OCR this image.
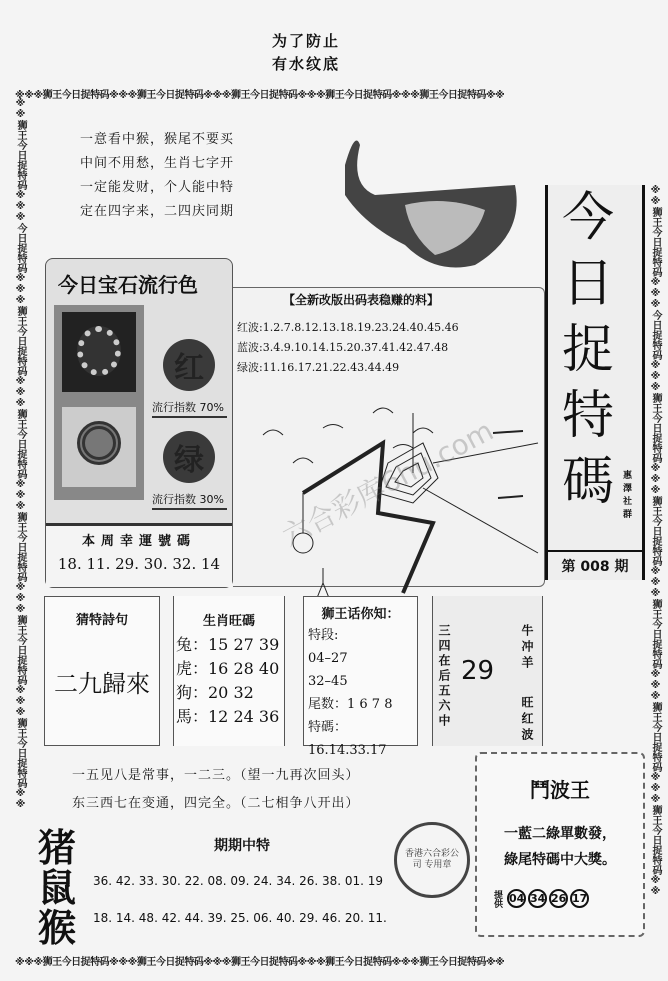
为了防止
有水纹底
※※※狮王今日捉特码※※※狮王今日捉特码※※※狮王今日捉特码※※※狮王今日捉特码※※※狮王今日捉特码※※
※※狮王今日捉特码※※※今日捉特码※※※狮王今日捉特码※※※狮王今日捉特码※※※狮王今日捉特码※※※狮王今日捉特码※※※狮王今日捉特码※※	※※狮王今日捉特码※※※今日捉特码※※※狮王今日捉特码※※※狮王今日捉特码※※※狮王今日捉特码※※※狮王今日捉特码※※※狮王今日捉特码※※
※※※狮王今日捉特码※※※狮王今日捉特码※※※狮王今日捉特码※※※狮王今日捉特码※※※狮王今日捉特码※※
一意看中猴，猴尾不要买
中间不用愁，生肖七字开
一定能发财，个人能中特
定在四字来，二四庆同期	今日捉特碼 惠澤社群
第 008 期
今日宝石流行色
红
流行指数 70%
绿
流行指数 30%
本周幸運號碼
18. 11. 29. 30. 32. 14
【全新改版出码表稳赚的料】
红波:1.2.7.8.12.13.18.19.23.24.40.45.46
蓝波:3.4.9.10.14.15.20.37.41.42.47.48
绿波:11.16.17.21.22.43.44.49
六合彩库6hu.com
猜特詩句
二九歸來
生肖旺碼
兔：15 27 39
虎：16 28 40
狗：20 32
馬：12 24 36
狮王话你知：
特段:
04–27
32–45
尾数：1 6 7 8
特碼：16.14.33.17
三四在后五六中 29 牛冲羊
旺红波
一五见八是常事，一二三。（望一九再次回头）
东三西七在变通，四完全。（二七相争八开出）
猪
鼠
猴
期期中特
36. 42. 33. 30. 22. 08. 09. 24. 34. 26. 38. 01. 19
18. 14. 48. 42. 44. 39. 25. 06. 40. 29. 46. 20. 11.
香港六合彩公司 专用章
鬥波王
一藍二綠單數發，
綠尾特碼中大獎。
提供 04 34 26 17
